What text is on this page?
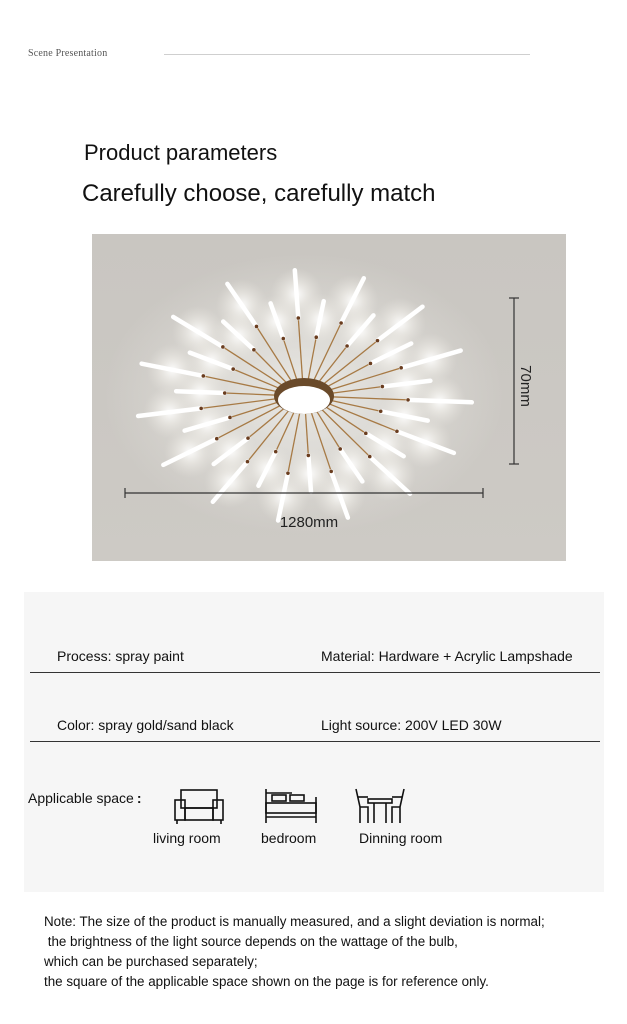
Scene Presentation
Product parameters
Carefully choose, carefully match
70mm
1280mm
Process: spray paint	Material: Hardware + Acrylic Lampshade
Color: spray gold/sand black	Light source: 200V LED 30W
Applicable space :
living room	bedroom	Dinning room
Note: The size of the product is manually measured, and a slight deviation is normal;
the brightness of the light source depends on the wattage of the bulb,
which can be purchased separately;
the square of the applicable space shown on the page is for reference only.
